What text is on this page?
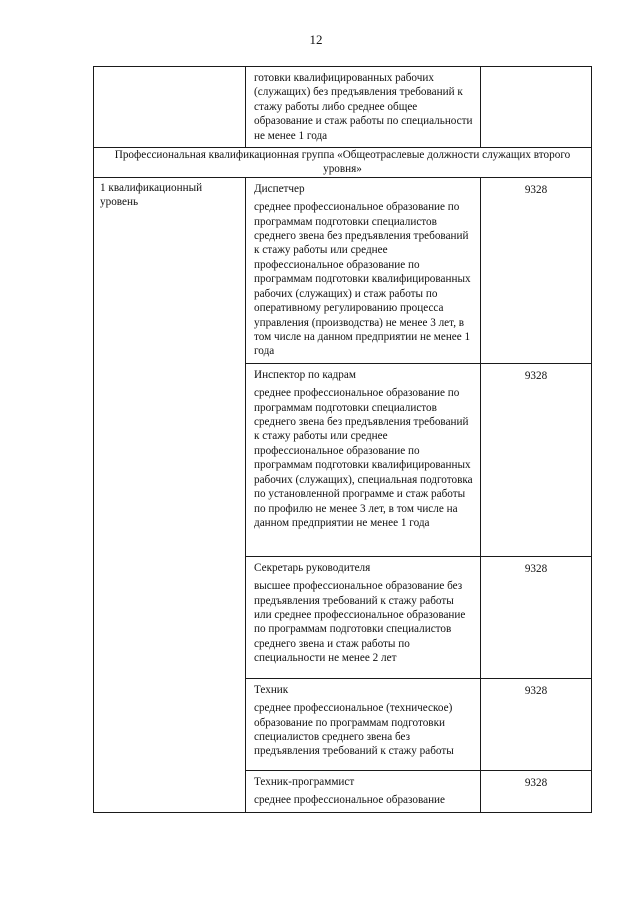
12

	готовки квалифицированных рабочих (служащих) без предъявления требований к стажу работы либо среднее общее образование и стаж работы по специальности не менее 1 года	

Профессиональная квалификационная группа «Общеотраслевые должности служащих второго уровня»		

1 квалификационный уровень	Диспетчер
среднее профессиональное образование по программам подготовки специалистов среднего звена без предъявления требований к стажу работы или среднее профессиональное образование по программам подготовки квалифицированных рабочих (служащих) и стаж работы по оперативному регулированию процесса управления (производства) не менее 3 лет, в том числе на данном предприятии не менее 1 года	9328

	Инспектор по кадрам
среднее профессиональное образование по программам подготовки специалистов среднего звена без предъявления требований к стажу работы или среднее профессиональное образование по программам подготовки квалифицированных рабочих (служащих), специальная подготовка по установленной программе и стаж работы по профилю не менее 3 лет, в том числе на данном предприятии не менее 1 года	9328

	Секретарь руководителя
высшее профессиональное образование без предъявления требований к стажу работы или среднее профессиональное образование по программам подготовки специалистов среднего звена и стаж работы по специальности не менее 2 лет	9328

	Техник
среднее профессиональное (техническое) образование по программам подготовки специалистов среднего звена без предъявления требований к стажу работы	9328

	Техник-программист
среднее профессиональное образование	9328
